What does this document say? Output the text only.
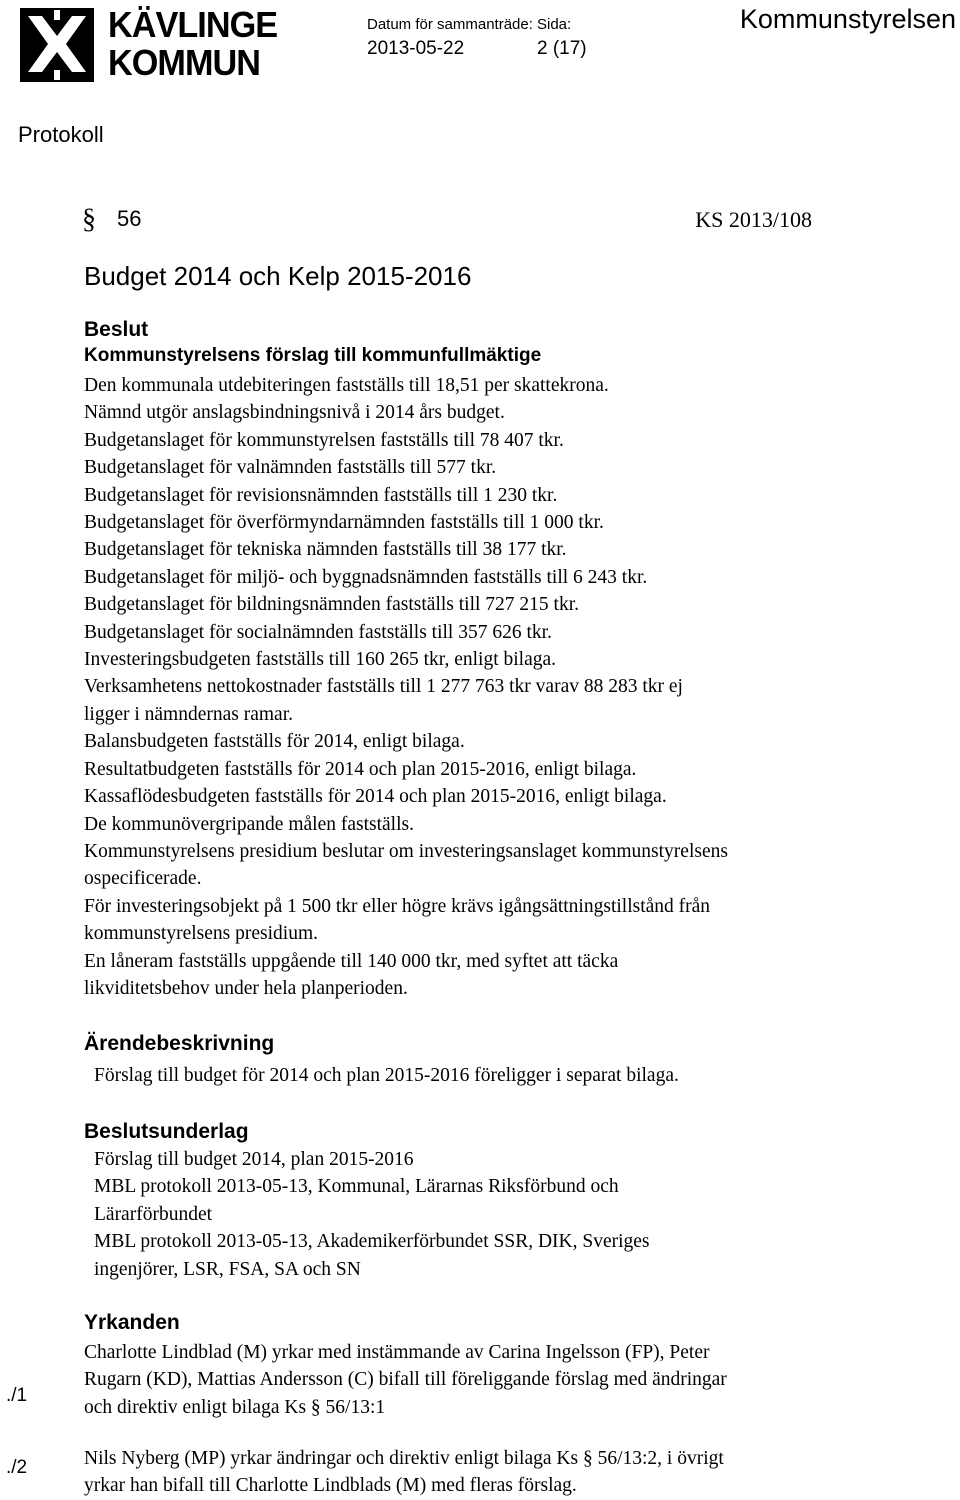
KÄVLINGE
KOMMUN
Datum för sammanträde:
2013-05-22
Sida:
2 (17)
Kommunstyrelsen
Protokoll
§ 56	KS 2013/108
Budget 2014 och Kelp 2015-2016
Beslut
Kommunstyrelsens förslag till kommunfullmäktige
Den kommunala utdebiteringen fastställs till 18,51 per skattekrona.
Nämnd utgör anslagsbindningsnivå i 2014 års budget.
Budgetanslaget för kommunstyrelsen fastställs till 78 407 tkr.
Budgetanslaget för valnämnden fastställs till 577 tkr.
Budgetanslaget för revisionsnämnden fastställs till 1 230 tkr.
Budgetanslaget för överförmyndarnämnden fastställs till 1 000 tkr.
Budgetanslaget för tekniska nämnden fastställs till 38 177 tkr.
Budgetanslaget för miljö- och byggnadsnämnden fastställs till 6 243 tkr.
Budgetanslaget för bildningsnämnden fastställs till 727 215 tkr.
Budgetanslaget för socialnämnden fastställs till 357 626 tkr.
Investeringsbudgeten fastställs till 160 265 tkr, enligt bilaga.
Verksamhetens nettokostnader fastställs till 1 277 763 tkr varav 88 283 tkr ej
ligger i nämndernas ramar.
Balansbudgeten fastställs för 2014, enligt bilaga.
Resultatbudgeten fastställs för 2014 och plan 2015-2016, enligt bilaga.
Kassaflödesbudgeten fastställs för 2014 och plan 2015-2016, enligt bilaga.
De kommunövergripande målen fastställs.
Kommunstyrelsens presidium beslutar om investeringsanslaget kommunstyrelsens
ospecificerade.
För investeringsobjekt på 1 500 tkr eller högre krävs igångsättningstillstånd från
kommunstyrelsens presidium.
En låneram fastställs uppgående till 140 000 tkr, med syftet att täcka
likviditetsbehov under hela planperioden.
Ärendebeskrivning
Förslag till budget för 2014 och plan 2015-2016 föreligger i separat bilaga.
Beslutsunderlag
Förslag till budget 2014, plan 2015-2016
MBL protokoll 2013-05-13, Kommunal, Lärarnas Riksförbund och
Lärarförbundet
MBL protokoll 2013-05-13, Akademikerförbundet SSR, DIK, Sveriges
ingenjörer, LSR, FSA, SA och SN
Yrkanden
./1
Charlotte Lindblad (M) yrkar med instämmande av Carina Ingelsson (FP), Peter
Rugarn (KD), Mattias Andersson (C) bifall till föreliggande förslag med ändringar
och direktiv enligt bilaga Ks § 56/13:1
./2	Nils Nyberg (MP) yrkar ändringar och direktiv enligt bilaga Ks § 56/13:2, i övrigt
yrkar han bifall till Charlotte Lindblads (M) med fleras förslag.
